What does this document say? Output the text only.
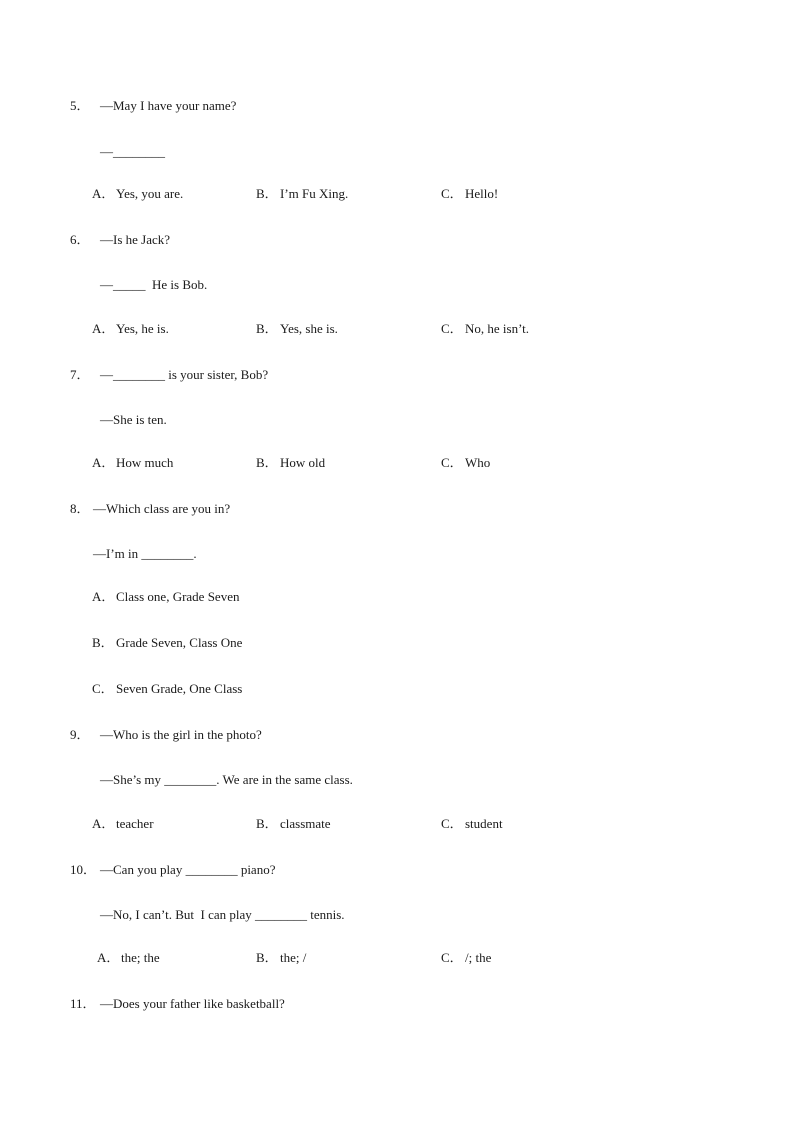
5． —May I have your name?
—________
A． Yes, you are.	B． I’m Fu Xing.	C． Hello!
6． —Is he Jack?
—_____  He is Bob.
A． Yes, he is.	B． Yes, she is.	C． No, he isn’t.
7． —________ is your sister, Bob?
—She is ten.
A． How much	B． How old	C． Who
8． —Which class are you in?
—I’m in ________.
A． Class one, Grade Seven
B． Grade Seven, Class One
C． Seven Grade, One Class
9． —Who is the girl in the photo?
—She’s my ________. We are in the same class.
A． teacher	B． classmate	C． student
10． —Can you play ________ piano?
—No, I can’t. But  I can play ________ tennis.
A． the; the	B． the; /	C． /; the
11． —Does your father like basketball?
